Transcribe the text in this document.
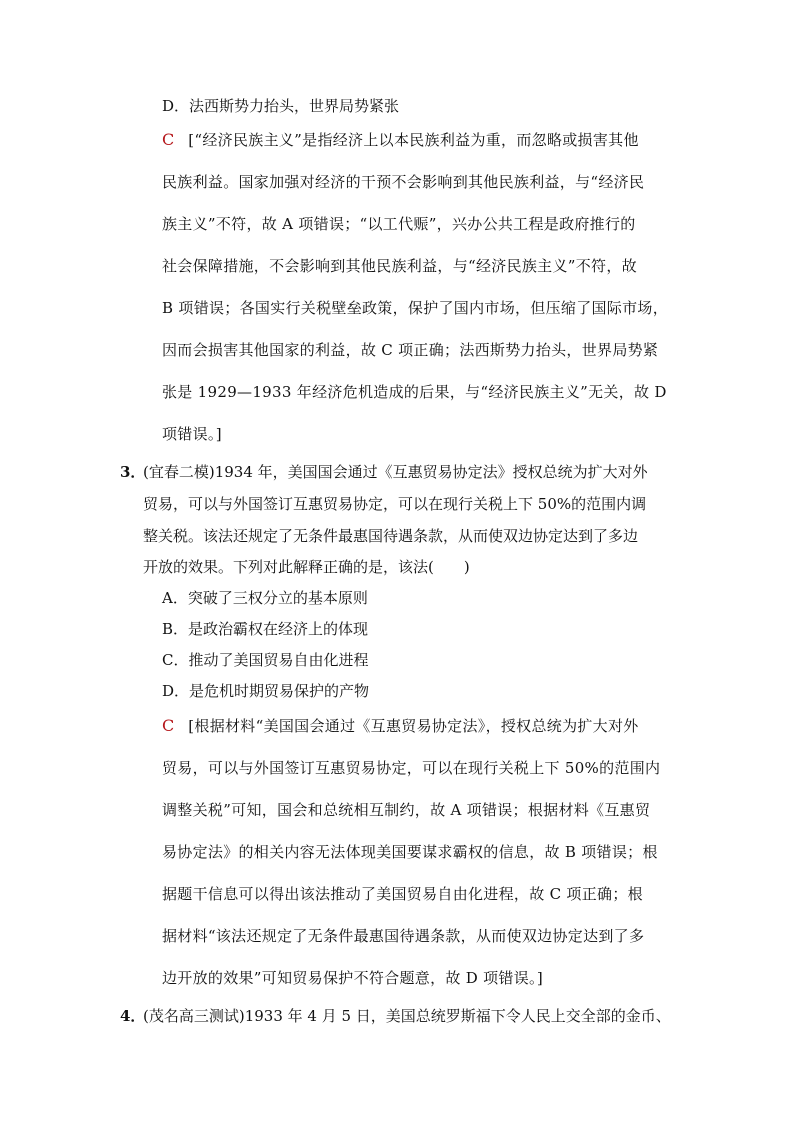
D．法西斯势力抬头，世界局势紧张
C [“经济民族主义”是指经济上以本民族利益为重，而忽略或损害其他
民族利益。国家加强对经济的干预不会影响到其他民族利益，与“经济民
族主义”不符，故 A 项错误；“以工代赈”，兴办公共工程是政府推行的
社会保障措施，不会影响到其他民族利益，与“经济民族主义”不符，故
B 项错误；各国实行关税壁垒政策，保护了国内市场，但压缩了国际市场，
因而会损害其他国家的利益，故 C 项正确；法西斯势力抬头，世界局势紧
张是 1929—1933 年经济危机造成的后果，与“经济民族主义”无关，故 D
项错误。]
3．
(宜春二模)1934 年，美国国会通过《互惠贸易协定法》授权总统为扩大对外
贸易，可以与外国签订互惠贸易协定，可以在现行关税上下 50%的范围内调
整关税。该法还规定了无条件最惠国待遇条款，从而使双边协定达到了多边
开放的效果。下列对此解释正确的是，该法(　　)
A．突破了三权分立的基本原则
B．是政治霸权在经济上的体现
C．推动了美国贸易自由化进程
D．是危机时期贸易保护的产物
C [根据材料“美国国会通过《互惠贸易协定法》，授权总统为扩大对外
贸易，可以与外国签订互惠贸易协定，可以在现行关税上下 50%的范围内
调整关税”可知，国会和总统相互制约，故 A 项错误；根据材料《互惠贸
易协定法》的相关内容无法体现美国要谋求霸权的信息，故 B 项错误；根
据题干信息可以得出该法推动了美国贸易自由化进程，故 C 项正确；根
据材料“该法还规定了无条件最惠国待遇条款，从而使双边协定达到了多
边开放的效果”可知贸易保护不符合题意，故 D 项错误。]
4．
(茂名高三测试)1933 年 4 月 5 日，美国总统罗斯福下令人民上交全部的金币、
